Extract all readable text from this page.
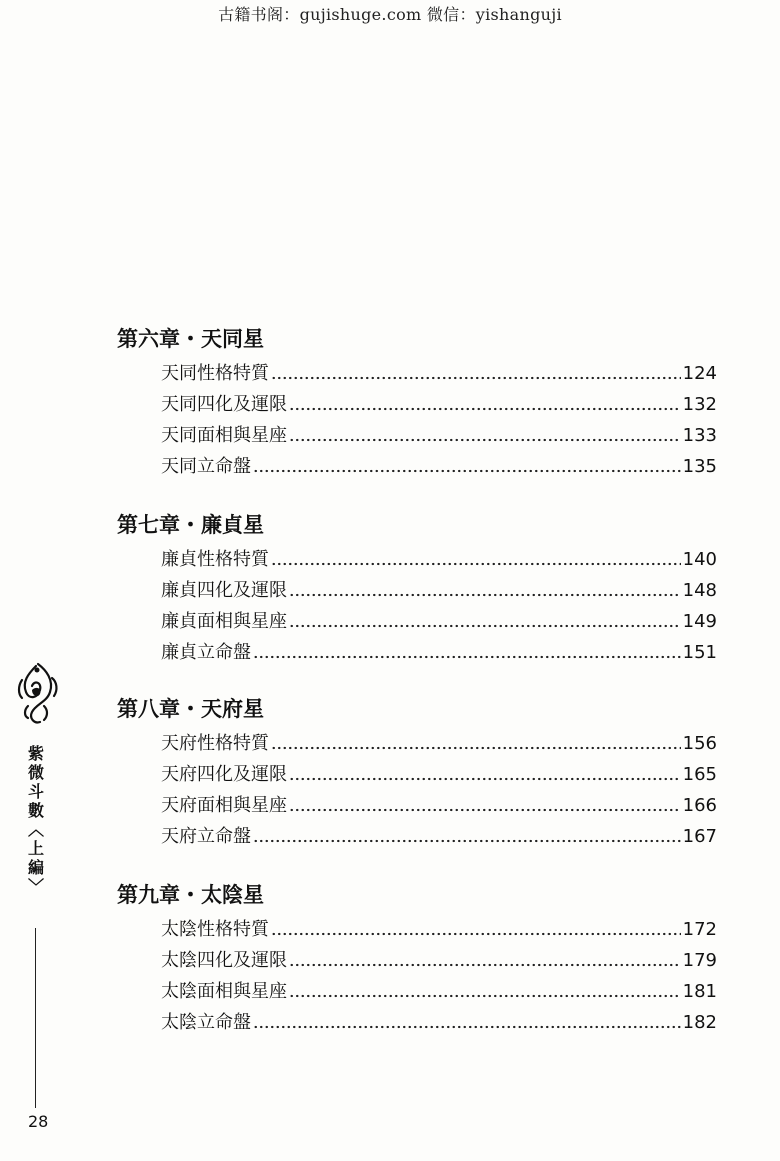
古籍书阁：gujishuge.com 微信：yishanguji
第六章・天同星
天同性格特質	124
天同四化及運限	132
天同面相與星座	133
天同立命盤	135
第七章・廉貞星
廉貞性格特質	140
廉貞四化及運限	148
廉貞面相與星座	149
廉貞立命盤	151
第八章・天府星
天府性格特質	156
天府四化及運限	165
天府面相與星座	166
天府立命盤	167
第九章・太陰星
太陰性格特質	172
太陰四化及運限	179
太陰面相與星座	181
太陰立命盤	182
紫
微
斗
數
︿
上
編
﹀
28
